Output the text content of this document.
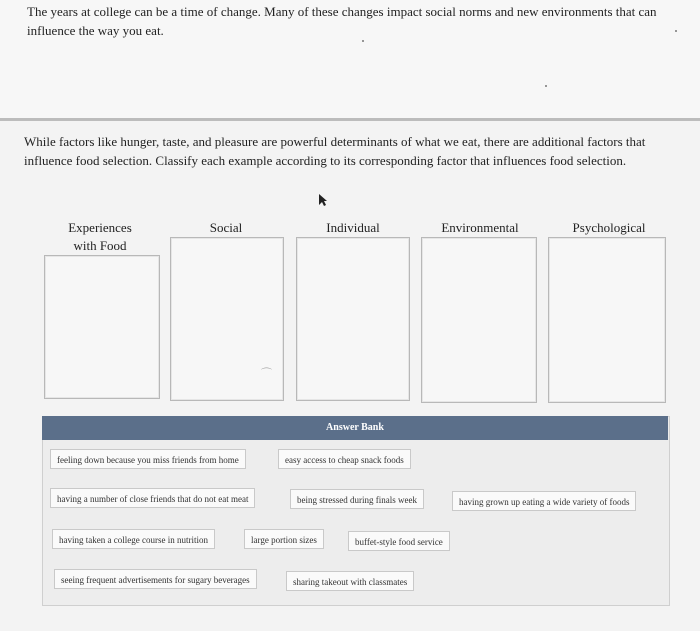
The years at college can be a time of change. Many of these changes impact social norms and new environments that can influence the way you eat.

While factors like hunger, taste, and pleasure are powerful determinants of what we eat, there are additional factors that influence food selection. Classify each example according to its corresponding factor that influences food selection.

Experiences with Food
Social	Individual	Environmental	Psychological
⌒
Answer Bank
feeling down because you miss friends from home	easy access to cheap snack foods
having a number of close friends that do not eat meat	being stressed during finals week	having grown up eating a wide variety of foods
having taken a college course in nutrition	large portion sizes	buffet-style food service
seeing frequent advertisements for sugary beverages	sharing takeout with classmates
